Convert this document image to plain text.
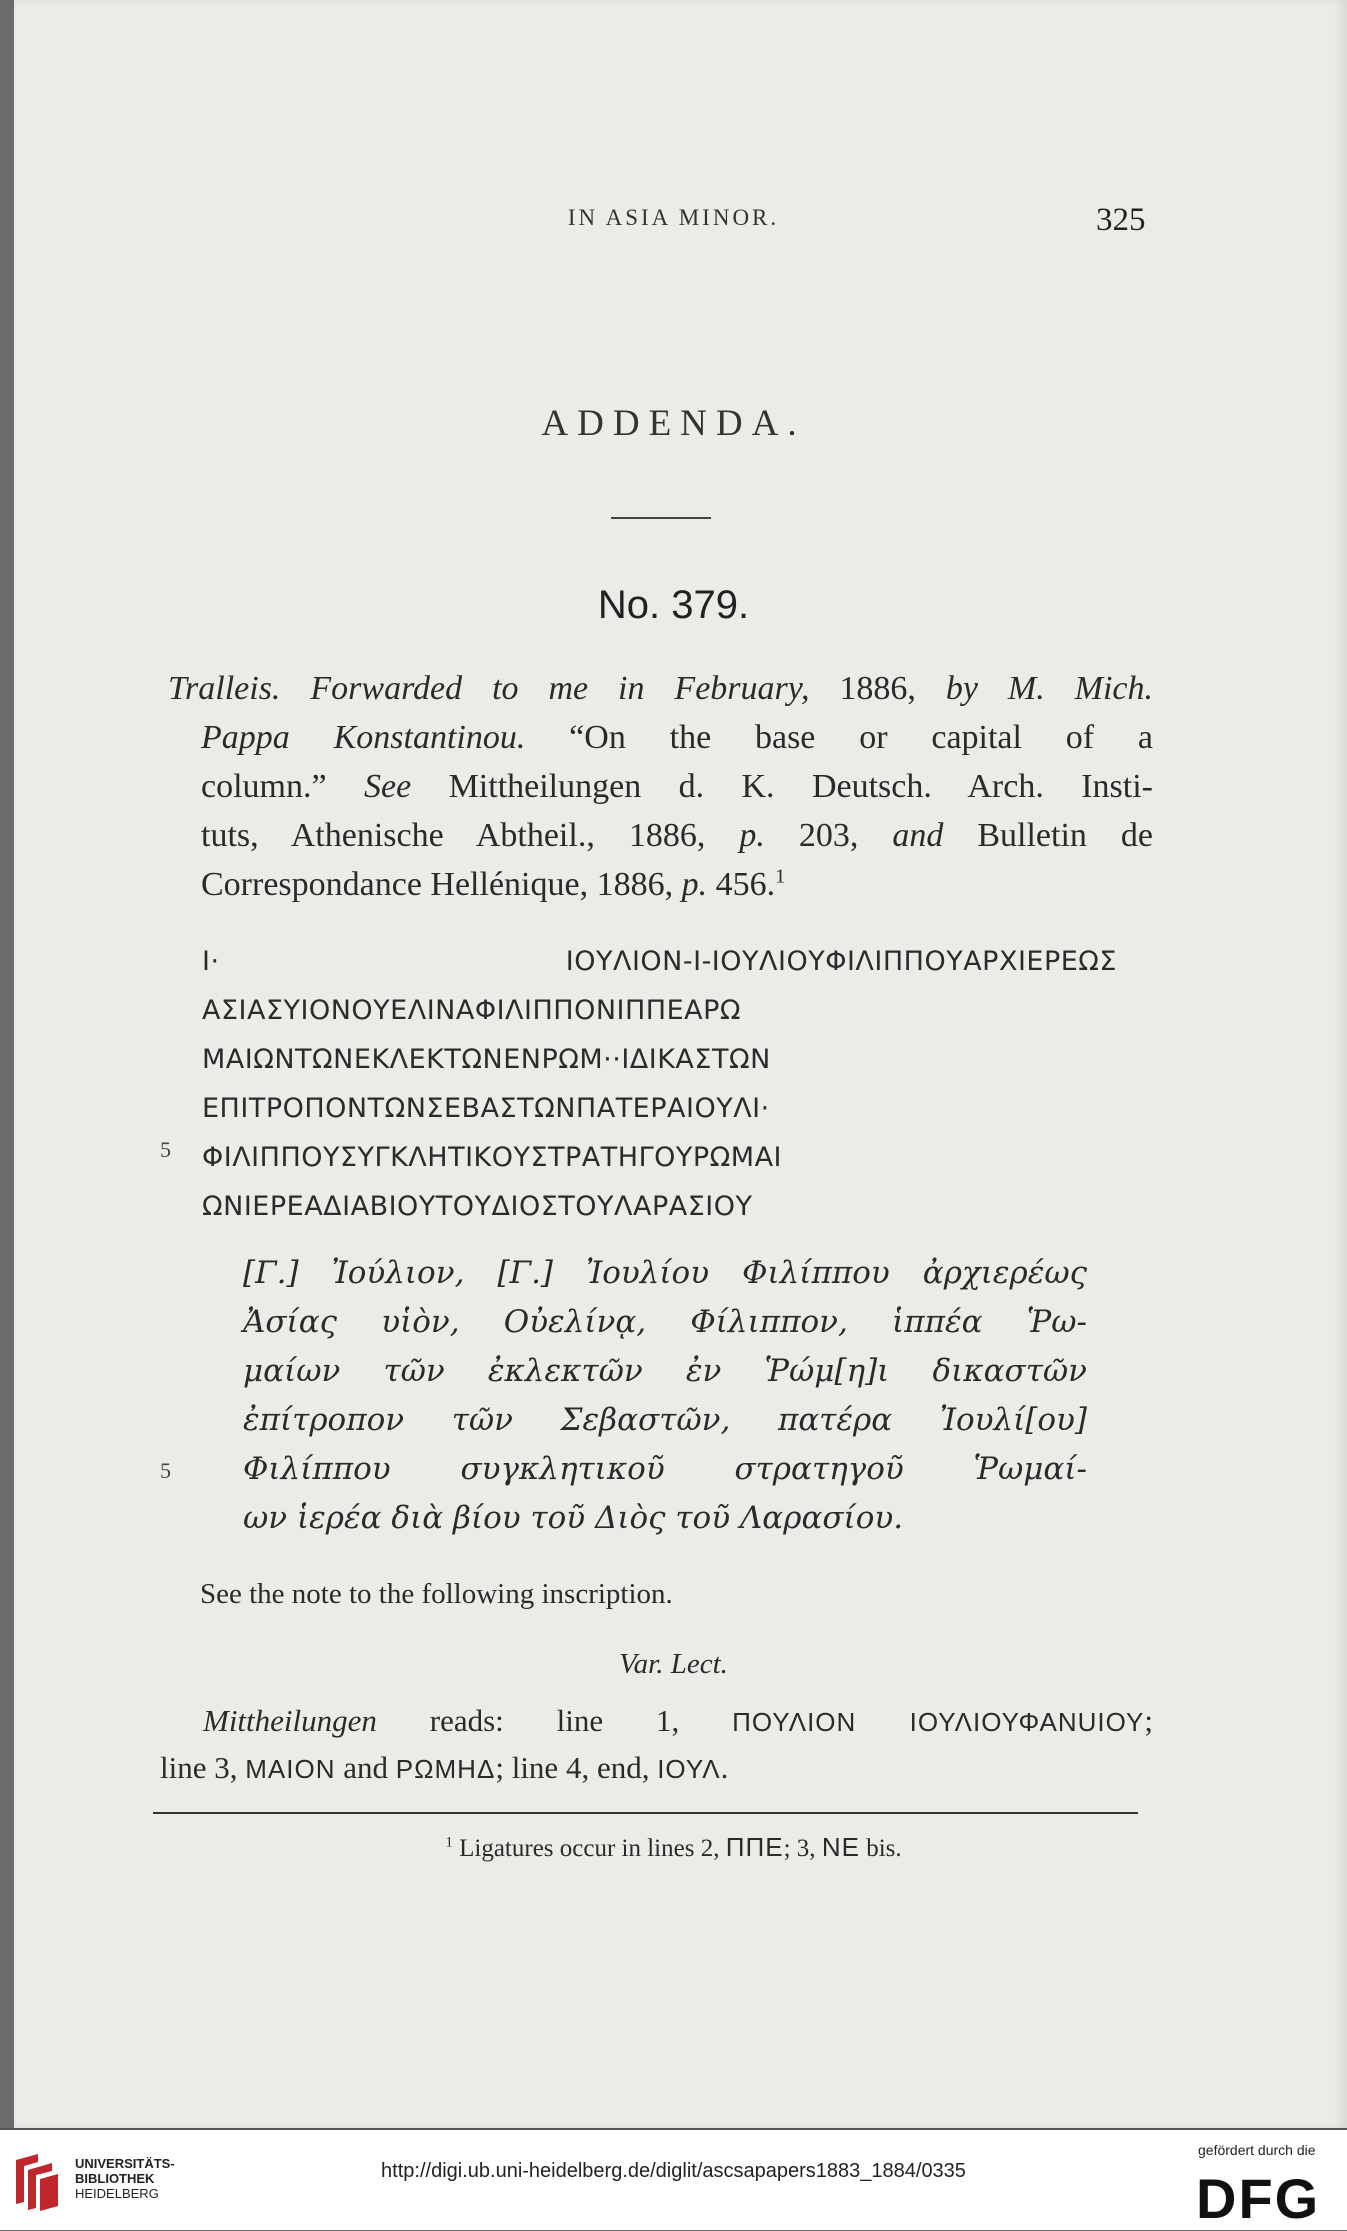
IN ASIA MINOR.	325
ADDENDA.
No. 379.
Tralleis. Forwarded to me in February, 1886, by M. Mich.
Pappa Konstantinou. “On the base or capital of a
column.” See Mittheilungen d. K. Deutsch. Arch. Insti-
tuts, Athenische Abtheil., 1886, p. 203, and Bulletin de
Correspondance Hellénique, 1886, p. 456.$^1$
5
Ι· ΙΟΥΛΙΟΝ-Ι-ΙΟΥΛΙΟΥΦΙΛΙΠΠΟΥΑΡΧΙΕΡΕΩΣ
ΑΣΙΑΣΥΙΟΝΟΥΕΛΙΝΑΦΙΛΙΠΠΟΝΙΠΠΕΑΡΩ
ΜΑΙΩΝΤΩΝΕΚΛΕΚΤΩΝΕΝΡΩΜ··ΙΔΙΚΑΣΤΩΝ
ΕΠΙΤΡΟΠΟΝΤΩΝΣΕΒΑΣΤΩΝΠΑΤΕΡΑΙΟΥΛΙ·
ΦΙΛΙΠΠΟΥΣΥΓΚΛΗΤΙΚΟΥΣΤΡΑΤΗΓΟΥΡΩΜΑΙ
ΩΝΙΕΡΕΑΔΙΑΒΙΟΥΤΟΥΔΙΟΣΤΟΥΛΑΡΑΣΙΟΥ
5
[Γ.] Ἰούλιον, [Γ.] Ἰουλίου Φιλίππου ἀρχιερέως
Ἀσίας υἱὸν, Οὐελίνᾳ, Φίλιππον, ἱππέα Ῥω-
μαίων τῶν ἐκλεκτῶν ἐν Ῥώμ[η]ι δικαστῶν
ἐπίτροπον τῶν Σεβαστῶν, πατέρα Ἰουλί[ου]
Φιλίππου συγκλητικοῦ στρατηγοῦ Ῥωμαί-
ων ἱερέα διὰ βίου τοῦ Διὸς τοῦ Λαρασίου.
See the note to the following inscription.
Var. Lect.
Mittheilungen reads: line 1, ΠΟΥΛΙΟΝ ΙΟΥΛΙΟΥΦΑΝUΙΟΥ;
line 3, ΜΑΙΟΝ and ΡΩΜΗΔ; line 4, end, ΙΟΥΛ.
$^1$ Ligatures occur in lines 2, ΠΠΕ; 3, ΝΕ bis.
UNIVERSITÄTS-
BIBLIOTHEK
HEIDELBERG
http://digi.ub.uni-heidelberg.de/diglit/ascsapapers1883_1884/0335
gefördert durch die
DFG
